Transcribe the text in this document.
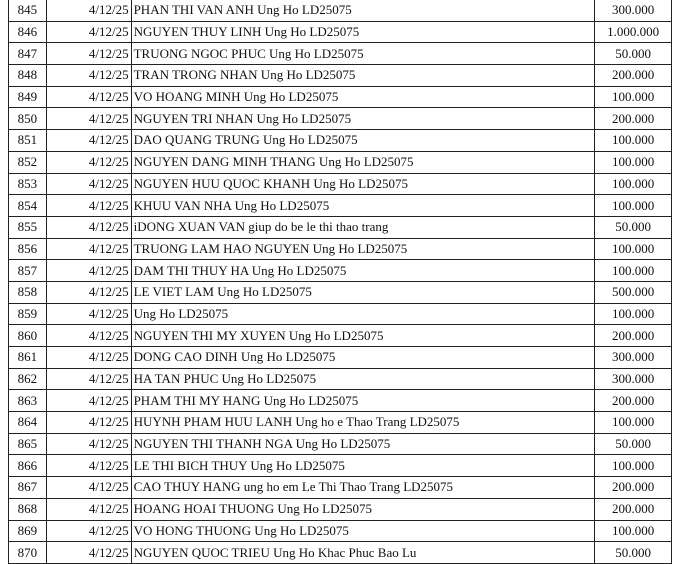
845	4/12/25	PHAN THI VAN ANH Ung Ho LD25075	300.000
846	4/12/25	NGUYEN THUY LINH Ung Ho LD25075	1.000.000
847	4/12/25	TRUONG NGOC PHUC Ung Ho LD25075	50.000
848	4/12/25	TRAN TRONG NHAN Ung Ho LD25075	200.000
849	4/12/25	VO HOANG MINH Ung Ho LD25075	100.000
850	4/12/25	NGUYEN TRI NHAN Ung Ho LD25075	200.000
851	4/12/25	DAO QUANG TRUNG Ung Ho LD25075	100.000
852	4/12/25	NGUYEN DANG MINH THANG Ung Ho LD25075	100.000
853	4/12/25	NGUYEN HUU QUOC KHANH Ung Ho LD25075	100.000
854	4/12/25	KHUU VAN NHA Ung Ho LD25075	100.000
855	4/12/25	iDONG XUAN VAN giup do be le thi thao trang	50.000
856	4/12/25	TRUONG LAM HAO NGUYEN Ung Ho LD25075	100.000
857	4/12/25	DAM THI THUY HA Ung Ho LD25075	100.000
858	4/12/25	LE VIET LAM Ung Ho LD25075	500.000
859	4/12/25	Ung Ho LD25075	100.000
860	4/12/25	NGUYEN THI MY XUYEN Ung Ho LD25075	200.000
861	4/12/25	DONG CAO DINH Ung Ho LD25075	300.000
862	4/12/25	HA TAN PHUC Ung Ho LD25075	300.000
863	4/12/25	PHAM THI MY HANG Ung Ho LD25075	200.000
864	4/12/25	HUYNH PHAM HUU LANH Ung ho e Thao Trang LD25075	100.000
865	4/12/25	NGUYEN THI THANH NGA Ung Ho LD25075	50.000
866	4/12/25	LE THI BICH THUY Ung Ho LD25075	100.000
867	4/12/25	CAO THUY HANG ung ho em Le Thi Thao Trang LD25075	200.000
868	4/12/25	HOANG HOAI THUONG Ung Ho LD25075	200.000
869	4/12/25	VO HONG THUONG Ung Ho LD25075	100.000
870	4/12/25	NGUYEN QUOC TRIEU Ung Ho Khac Phuc Bao Lu	50.000
